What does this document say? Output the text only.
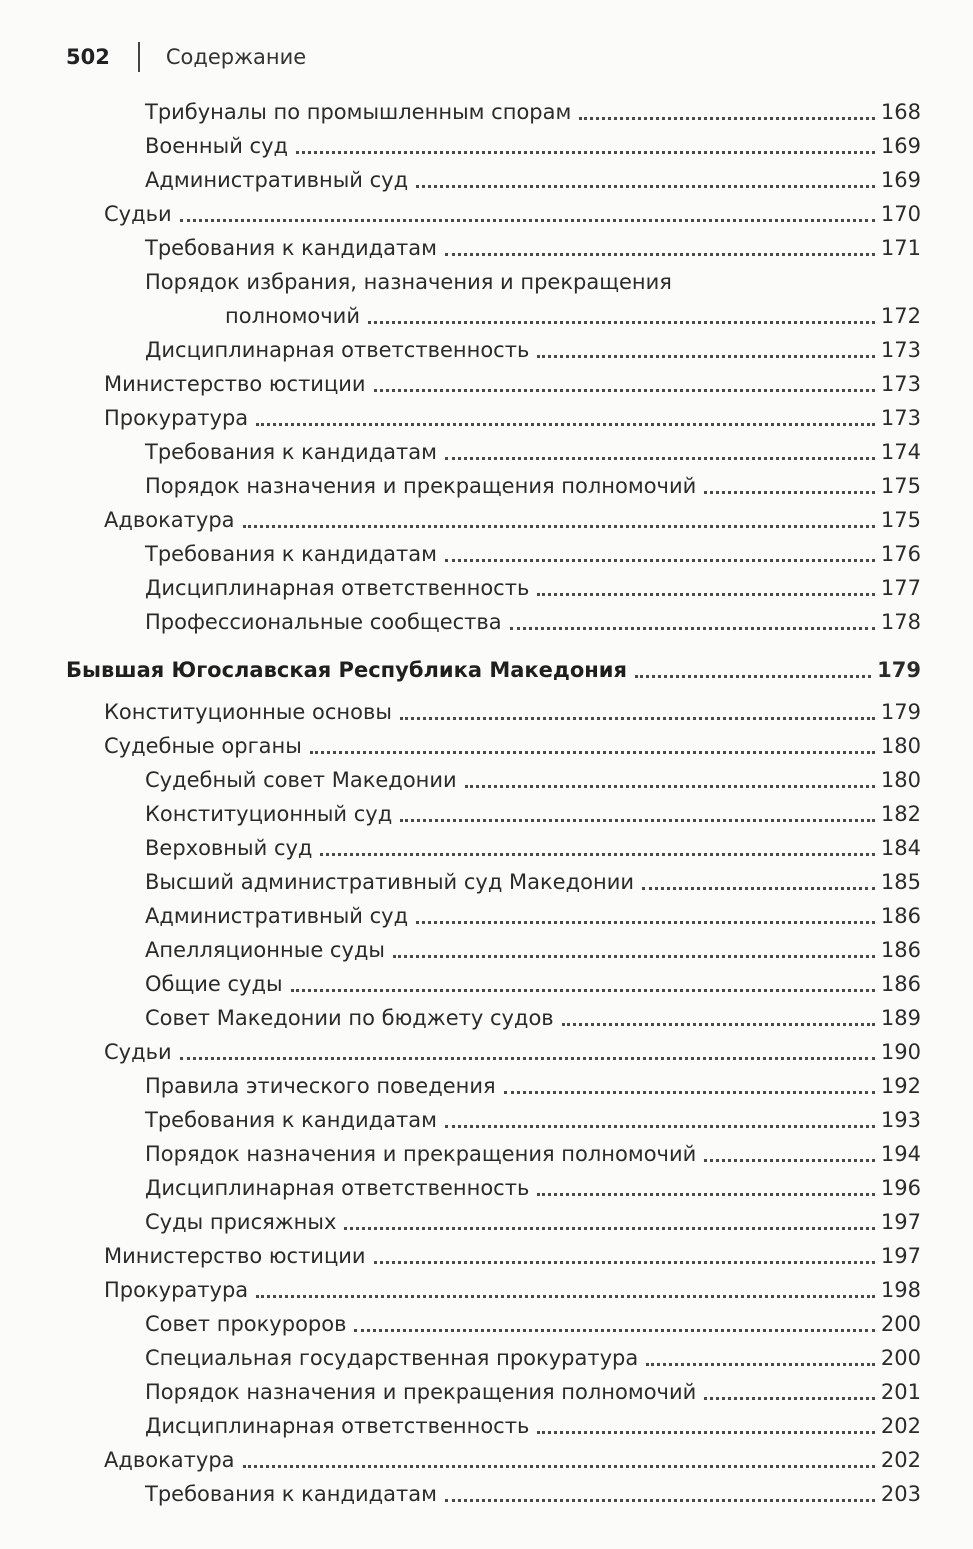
502	Содержание
Трибуналы по промышленным спорам	168
Военный суд	169
Административный суд	169
Судьи	170
Требования к кандидатам	171
Порядок избрания, назначения и прекращения
полномочий	172
Дисциплинарная ответственность	173
Министерство юстиции	173
Прокуратура	173
Требования к кандидатам	174
Порядок назначения и прекращения полномочий	175
Адвокатура	175
Требования к кандидатам	176
Дисциплинарная ответственность	177
Профессиональные сообщества	178
Бывшая Югославская Республика Македония	179
Конституционные основы	179
Судебные органы	180
Судебный совет Македонии	180
Конституционный суд	182
Верховный суд	184
Высший административный суд Македонии	185
Административный суд	186
Апелляционные суды	186
Общие суды	186
Совет Македонии по бюджету судов	189
Судьи	190
Правила этического поведения	192
Требования к кандидатам	193
Порядок назначения и прекращения полномочий	194
Дисциплинарная ответственность	196
Суды присяжных	197
Министерство юстиции	197
Прокуратура	198
Совет прокуроров	200
Специальная государственная прокуратура	200
Порядок назначения и прекращения полномочий	201
Дисциплинарная ответственность	202
Адвокатура	202
Требования к кандидатам	203
